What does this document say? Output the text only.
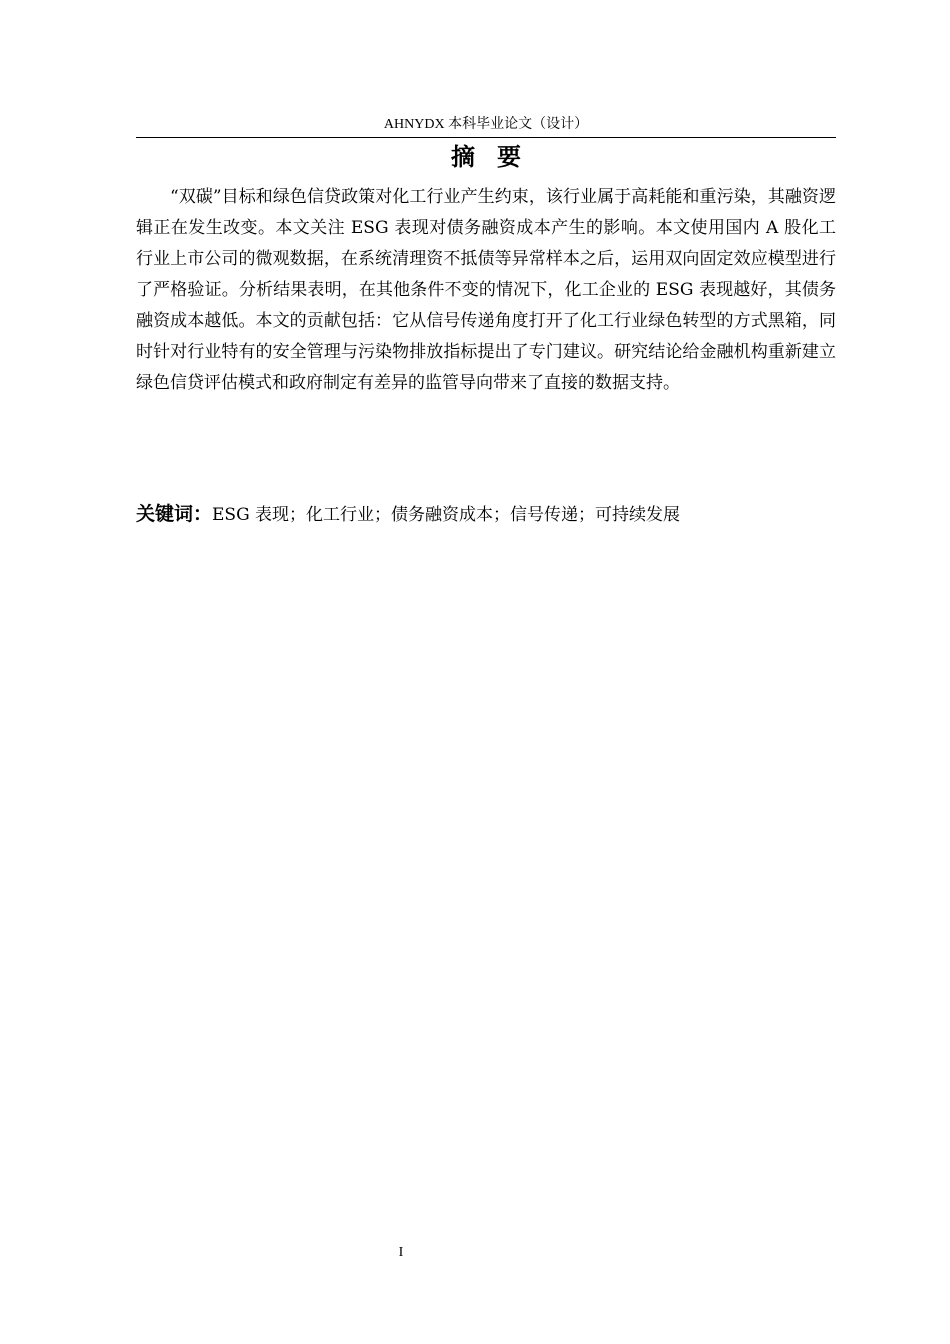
AHNYDX 本科毕业论文（设计）
摘 要

“双碳”目标和绿色信贷政策对化工行业产生约束，该行业属于高耗能和重污染，其融资逻辑正在发生改变。本文关注 ESG 表现对债务融资成本产生的影响。本文使用国内 A 股化工行业上市公司的微观数据，在系统清理资不抵债等异常样本之后，运用双向固定效应模型进行了严格验证。分析结果表明，在其他条件不变的情况下，化工企业的 ESG 表现越好，其债务融资成本越低。本文的贡献包括：它从信号传递角度打开了化工行业绿色转型的方式黑箱，同时针对行业特有的安全管理与污染物排放指标提出了专门建议。研究结论给金融机构重新建立绿色信贷评估模式和政府制定有差异的监管导向带来了直接的数据支持。

关键词：ESG 表现；化工行业；债务融资成本；信号传递；可持续发展
I
